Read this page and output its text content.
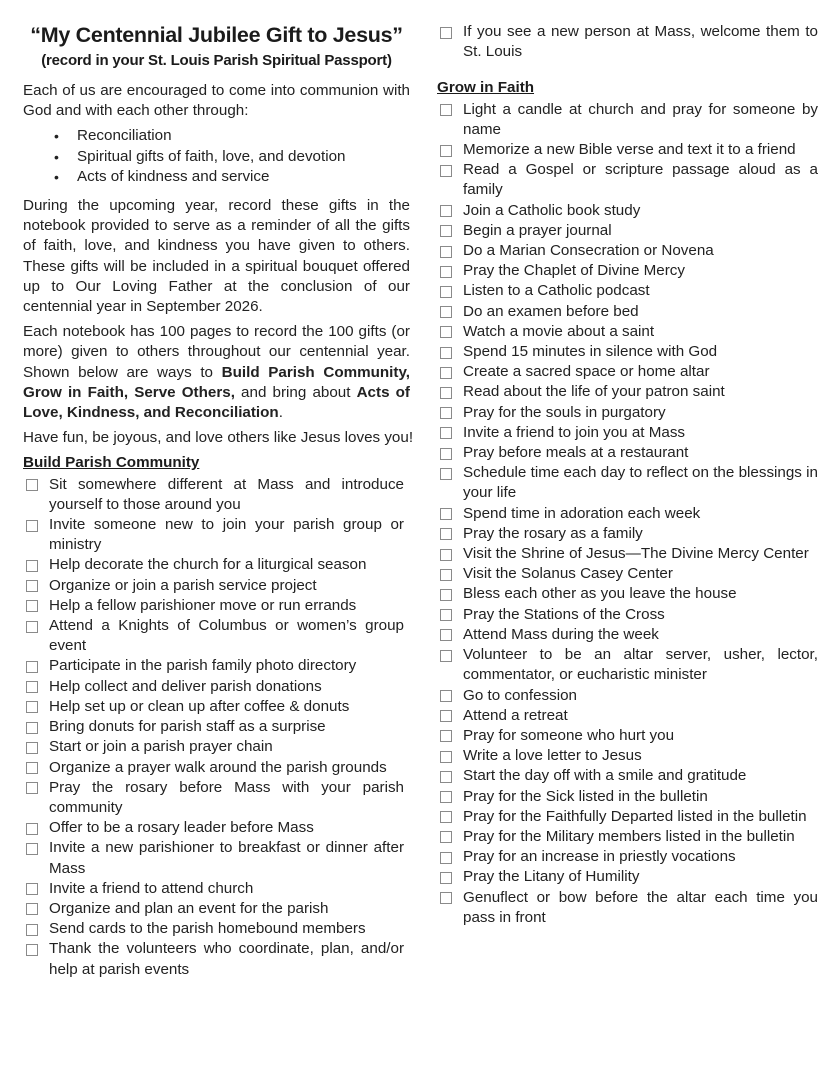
“My Centennial Jubilee Gift to Jesus”
(record in your St. Louis Parish Spiritual Passport)

Each of us are encouraged to come into communion with God and with each other through:

•	Reconciliation
•	Spiritual gifts of faith, love, and devotion
•	Acts of kindness and service

During the upcoming year, record these gifts in the notebook provided to serve as a reminder of all the gifts of faith, love, and kindness you have given to others. These gifts will be included in a spiritual bouquet offered up to Our Loving Father at the conclusion of our centennial year in September 2026.

Each notebook has 100 pages to record the 100 gifts (or more) given to others throughout our centennial year. Shown below are ways to Build Parish Community, Grow in Faith, Serve Others, and bring about Acts of Love, Kindness, and Reconciliation.

Have fun, be joyous, and love others like Jesus loves you!

Build Parish Community
Sit somewhere different at Mass and introduce yourself to those around you
Invite someone new to join your parish group or ministry
Help decorate the church for a liturgical season
Organize or join a parish service project
Help a fellow parishioner move or run errands
Attend a Knights of Columbus or women’s group event
Participate in the parish family photo directory
Help collect and deliver parish donations
Help set up or clean up after coffee & donuts
Bring donuts for parish staff as a surprise
Start or join a parish prayer chain
Organize a prayer walk around the parish grounds
Pray the rosary before Mass with your parish community
Offer to be a rosary leader before Mass
Invite a new parishioner to breakfast or dinner after Mass
Invite a friend to attend church
Organize and plan an event for the parish
Send cards to the parish homebound members
Thank the volunteers who coordinate, plan, and/or help at parish events
If you see a new person at Mass, welcome them to St. Louis
Grow in Faith
Light a candle at church and pray for someone by name
Memorize a new Bible verse and text it to a friend
Read a Gospel or scripture passage aloud as a family
Join a Catholic book study
Begin a prayer journal
Do a Marian Consecration or Novena
Pray the Chaplet of Divine Mercy
Listen to a Catholic podcast
Do an examen before bed
Watch a movie about a saint
Spend 15 minutes in silence with God
Create a sacred space or home altar
Read about the life of your patron saint
Pray for the souls in purgatory
Invite a friend to join you at Mass
Pray before meals at a restaurant
Schedule time each day to reflect on the blessings in your life
Spend time in adoration each week
Pray the rosary as a family
Visit the Shrine of Jesus—The Divine Mercy Center
Visit the Solanus Casey Center
Bless each other as you leave the house
Pray the Stations of the Cross
Attend Mass during the week
Volunteer to be an altar server, usher, lector, commentator, or eucharistic minister
Go to confession
Attend a retreat
Pray for someone who hurt you
Write a love letter to Jesus
Start the day off with a smile and gratitude
Pray for the Sick listed in the bulletin
Pray for the Faithfully Departed listed in the bulletin
Pray for the Military members listed in the bulletin
Pray for an increase in priestly vocations
Pray the Litany of Humility
Genuflect or bow before the altar each time you pass in front
